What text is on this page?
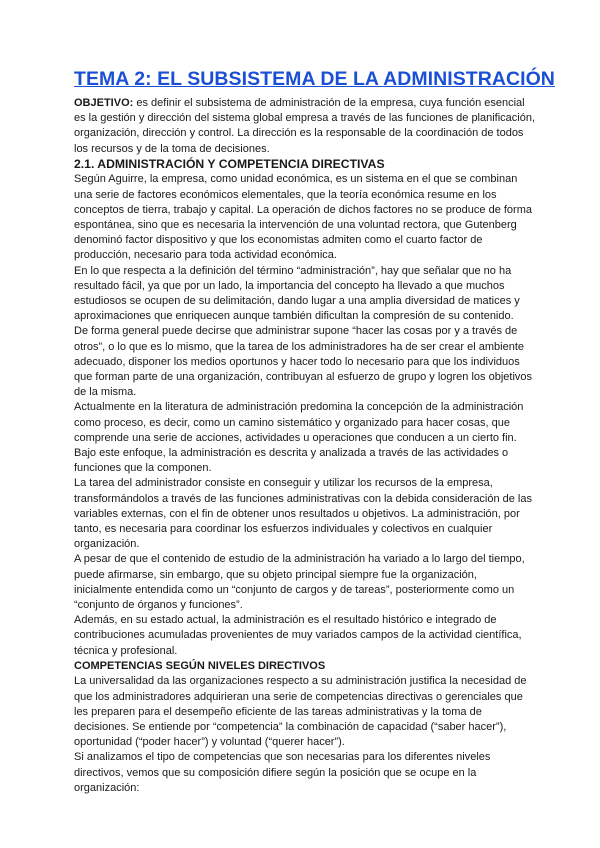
TEMA 2: EL SUBSISTEMA DE LA ADMINISTRACIÓN

OBJETIVO: es definir el subsistema de administración de la empresa, cuya función esencial es la gestión y dirección del sistema global empresa a través de las funciones de planificación, organización, dirección y control. La dirección es la responsable de la coordinación de todos los recursos y de la toma de decisiones.

2.1. ADMINISTRACIÓN Y COMPETENCIA DIRECTIVAS

Según Aguirre, la empresa, como unidad económica, es un sistema en el que se combinan una serie de factores económicos elementales, que la teoría económica resume en los conceptos de tierra, trabajo y capital. La operación de dichos factores no se produce de forma espontánea, sino que es necesaria la intervención de una voluntad rectora, que Gutenberg denominó factor dispositivo y que los economistas admiten como el cuarto factor de producción, necesario para toda actividad económica.

En lo que respecta a la definición del término “administración”, hay que señalar que no ha resultado fácil, ya que por un lado, la importancia del concepto ha llevado a que muchos estudiosos se ocupen de su delimitación, dando lugar a una amplia diversidad de matices y aproximaciones que enriquecen aunque también dificultan la compresión de su contenido.

De forma general puede decirse que administrar supone “hacer las cosas por y a través de otros”, o lo que es lo mismo, que la tarea de los administradores ha de ser crear el ambiente adecuado, disponer los medios oportunos y hacer todo lo necesario para que los individuos que forman parte de una organización, contribuyan al esfuerzo de grupo y logren los objetivos de la misma.

Actualmente en la literatura de administración predomina la concepción de la administración como proceso, es decir, como un camino sistemático y organizado para hacer cosas, que comprende una serie de acciones, actividades u operaciones que conducen a un cierto fin. Bajo este enfoque, la administración es descrita y analizada a través de las actividades o funciones que la componen.

La tarea del administrador consiste en conseguir y utilizar los recursos de la empresa, transformándolos a través de las funciones administrativas con la debida consideración de las variables externas, con el fin de obtener unos resultados u objetivos. La administración, por tanto, es necesaria para coordinar los esfuerzos individuales y colectivos en cualquier organización.

A pesar de que el contenido de estudio de la administración ha variado a lo largo del tiempo, puede afirmarse, sin embargo, que su objeto principal siempre fue la organización, inicialmente entendida como un “conjunto de cargos y de tareas”, posteriormente como un “conjunto de órganos y funciones”.

Además, en su estado actual, la administración es el resultado histórico e integrado de contribuciones acumuladas provenientes de muy variados campos de la actividad científica, técnica y profesional.

COMPETENCIAS SEGÚN NIVELES DIRECTIVOS

La universalidad da las organizaciones respecto a su administración justifica la necesidad de que los administradores adquirieran una serie de competencias directivas o gerenciales que les preparen para el desempeño eficiente de las tareas administrativas y la toma de decisiones. Se entiende por “competencia” la combinación de capacidad (“saber hacer”), oportunidad (“poder hacer”) y voluntad (“querer hacer”).

Si analizamos el tipo de competencias que son necesarias para los diferentes niveles directivos, vemos que su composición difiere según la posición que se ocupe en la organización:
